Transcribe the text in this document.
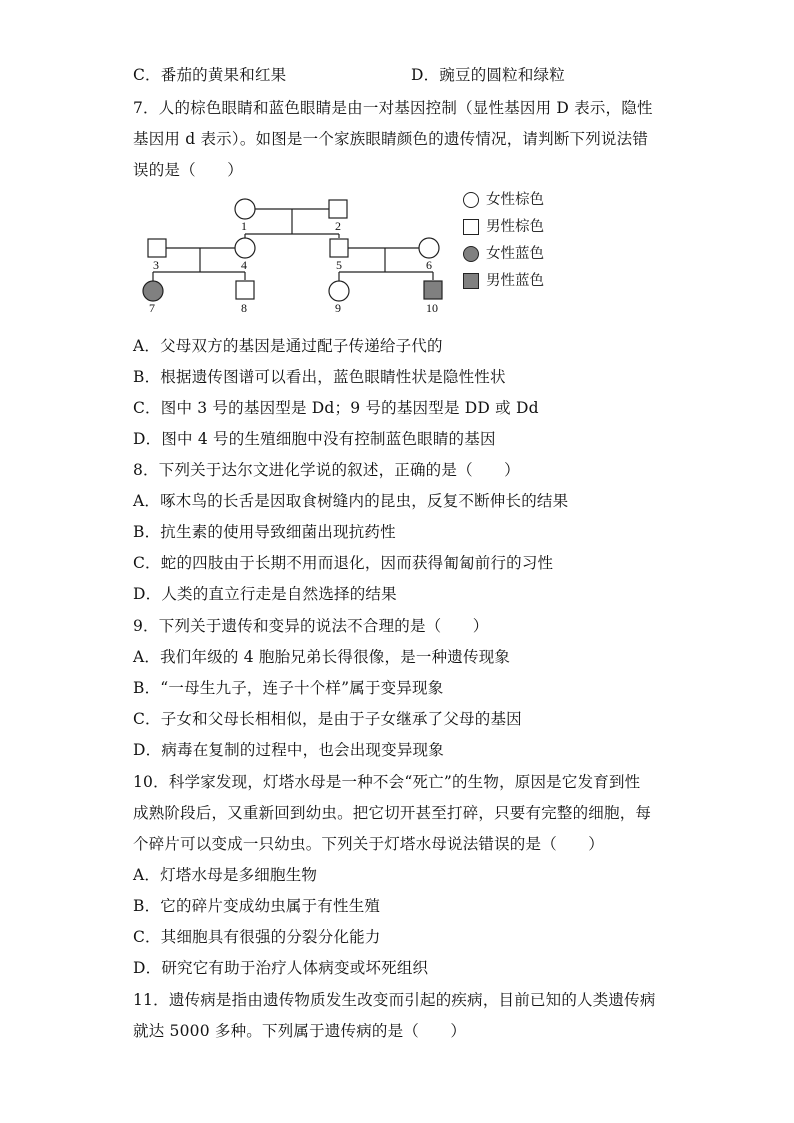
C．番茄的黄果和红果	D．豌豆的圆粒和绿粒
7．人的棕色眼睛和蓝色眼睛是由一对基因控制（显性基因用 D 表示，隐性
基因用 d 表示）。如图是一个家族眼睛颜色的遗传情况，请判断下列说法错
误的是（　　）
1	2
3	4	5	6
7	8	9	10
女性棕色
男性棕色
女性蓝色
男性蓝色
A．父母双方的基因是通过配子传递给子代的
B．根据遗传图谱可以看出，蓝色眼睛性状是隐性性状
C．图中 3 号的基因型是 Dd；9 号的基因型是 DD 或 Dd
D．图中 4 号的生殖细胞中没有控制蓝色眼睛的基因
8．下列关于达尔文进化学说的叙述，正确的是（　　）
A．啄木鸟的长舌是因取食树缝内的昆虫，反复不断伸长的结果
B．抗生素的使用导致细菌出现抗药性
C．蛇的四肢由于长期不用而退化，因而获得匍匐前行的习性
D．人类的直立行走是自然选择的结果
9．下列关于遗传和变异的说法不合理的是（　　）
A．我们年级的 4 胞胎兄弟长得很像，是一种遗传现象
B．“一母生九子，连子十个样”属于变异现象
C．子女和父母长相相似，是由于子女继承了父母的基因
D．病毒在复制的过程中，也会出现变异现象
10．科学家发现，灯塔水母是一种不会“死亡”的生物，原因是它发育到性
成熟阶段后，又重新回到幼虫。把它切开甚至打碎，只要有完整的细胞，每
个碎片可以变成一只幼虫。下列关于灯塔水母说法错误的是（　　）
A．灯塔水母是多细胞生物
B．它的碎片变成幼虫属于有性生殖
C．其细胞具有很强的分裂分化能力
D．研究它有助于治疗人体病变或坏死组织
11．遗传病是指由遗传物质发生改变而引起的疾病，目前已知的人类遗传病
就达 5000 多种。下列属于遗传病的是（　　）
